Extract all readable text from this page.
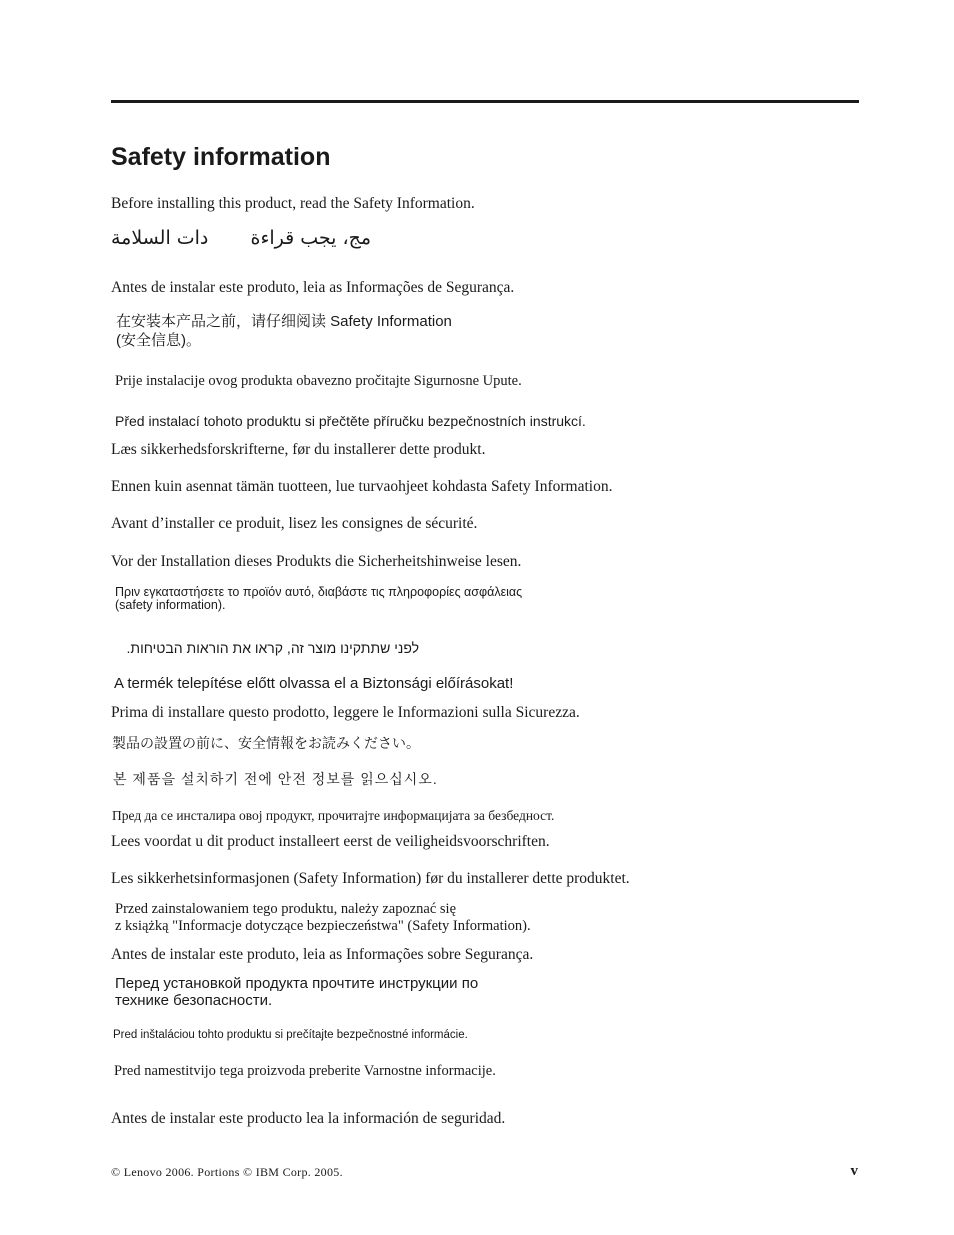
Safety information
Before installing this product, read the Safety Information.
دات السلامة مج، يجب قراءة
Antes de instalar este produto, leia as Informações de Segurança.
在安装本产品之前，请仔细阅读 Safety Information
(安全信息)。
Prije instalacije ovog produkta obavezno pročitajte Sigurnosne Upute.
Před instalací tohoto produktu si přečtěte příručku bezpečnostních instrukcí.
Læs sikkerhedsforskrifterne, før du installerer dette produkt.
Ennen kuin asennat tämän tuotteen, lue turvaohjeet kohdasta Safety Information.
Avant d’installer ce produit, lisez les consignes de sécurité.
Vor der Installation dieses Produkts die Sicherheitshinweise lesen.
Πριν εγκαταστήσετε το προϊόν αυτό, διαβάστε τις πληροφορίες ασφάλειας
(safety information).
לפני שתתקינו מוצר זה, קראו את הוראות הבטיחות.
A termék telepítése előtt olvassa el a Biztonsági előírásokat!
Prima di installare questo prodotto, leggere le Informazioni sulla Sicurezza.
製品の設置の前に、安全情報をお読みください。
본 제품을 설치하기 전에 안전 정보를 읽으십시오.
Пред да се инсталира овој продукт, прочитајте информацијата за безбедност.
Lees voordat u dit product installeert eerst de veiligheidsvoorschriften.
Les sikkerhetsinformasjonen (Safety Information) før du installerer dette produktet.
Przed zainstalowaniem tego produktu, należy zapoznać się
z książką "Informacje dotyczące bezpieczeństwa" (Safety Information).
Antes de instalar este produto, leia as Informações sobre Segurança.
Перед установкой продукта прочтите инструкции по
технике безопасности.
Pred inštaláciou tohto produktu si prečítajte bezpečnostné informácie.
Pred namestitvijo tega proizvoda preberite Varnostne informacije.
Antes de instalar este producto lea la información de seguridad.
© Lenovo 2006. Portions © IBM Corp. 2005.	v
